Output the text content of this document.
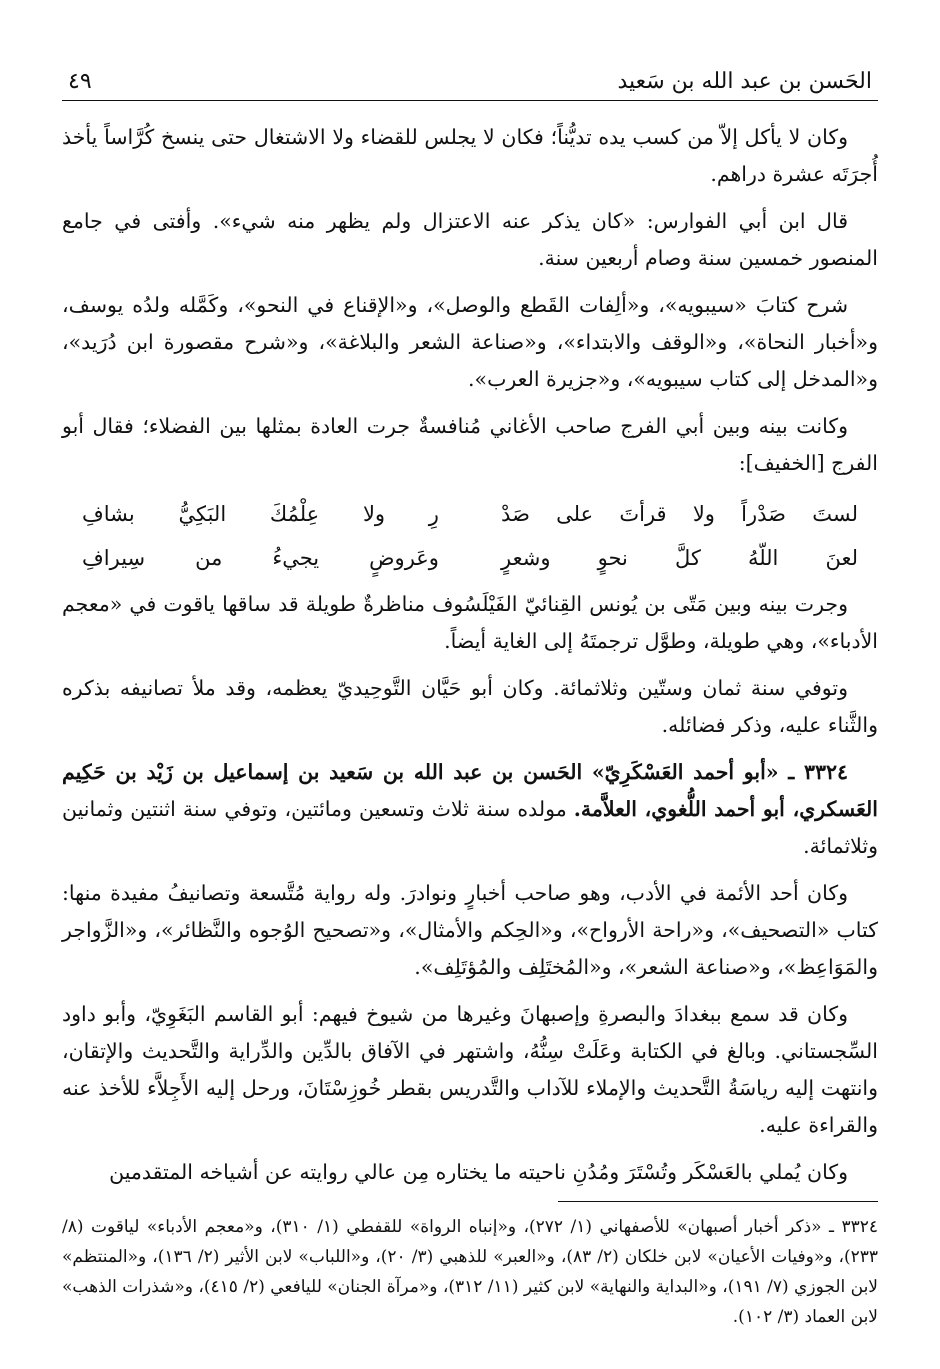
الحَسن بن عبد الله بن سَعيد
٤٩

وكان لا يأكل إلاّ من كسب يده تديُّناً؛ فكان لا يجلس للقضاء ولا الاشتغال حتى ينسخ كُرَّاساً يأخذ أُجرَتَه عشرة دراهم.

قال ابن أبي الفوارس: «كان يذكر عنه الاعتزال ولم يظهر منه شيء». وأفتى في جامع المنصور خمسين سنة وصام أربعين سنة.

شرح كتابَ «سيبويه»، و«ألِفات القَطع والوصل»، و«الإقناع في النحو»، وكَمَّله ولدُه يوسف، و«أخبار النحاة»، و«الوقف والابتداء»، و«صناعة الشعر والبلاغة»، و«شرح مقصورة ابن دُرَيد»، و«المدخل إلى كتاب سيبويه»، و«جزيرة العرب».

وكانت بينه وبين أبي الفرج صاحب الأغاني مُنافسةٌ جرت العادة بمثلها بين الفضلاء؛ فقال أبو الفرج [الخفيف]:

لستَ صَدْراً ولا قرأتَ على صَدْ
رِ ولا عِلْمُكَ البَكِيُّ بشافِ
لعنَ اللّهُ كلَّ نحوٍ وشعرٍ
وعَروضٍ يجيءُ من سِيرافِ

وجرت بينه وبين مَتّى بن يُونس القِنائيّ الفَيْلَسُوف مناظرةٌ طويلة قد ساقها ياقوت في «معجم الأدباء»، وهي طويلة، وطوَّل ترجمتَهُ إلى الغاية أيضاً.

وتوفي سنة ثمان وستّين وثلاثمائة. وكان أبو حَيَّان التَّوحِيديّ يعظمه، وقد ملأ تصانيفه بذكره والثَّناء عليه، وذكر فضائله.

٣٣٢٤ ـ «أبو أحمد العَسْكَرِيّ» الحَسن بن عبد الله بن سَعيد بن إسماعيل بن زَيْد بن حَكِيم العَسكري، أبو أحمد اللُّغوي، العلاَّمة. مولده سنة ثلاث وتسعين ومائتين، وتوفي سنة اثنتين وثمانين وثلاثمائة.

وكان أحد الأئمة في الأدب، وهو صاحب أخبارٍ ونوادرَ. وله رواية مُتَّسعة وتصانيفُ مفيدة منها: كتاب «التصحيف»، و«راحة الأرواح»، و«الحِكم والأمثال»، و«تصحيح الوُجوه والنَّظائر»، و«الزَّواجر والمَوَاعِظ»، و«صناعة الشعر»، و«المُختَلِف والمُؤتَلِف».

وكان قد سمع ببغدادَ والبصرةِ وإصبهانَ وغيرها من شيوخ فيهم: أبو القاسم البَغَوِيّ، وأبو داود السِّجستاني. وبالغ في الكتابة وعَلَتْ سِنُّهُ، واشتهر في الآفاق بالدِّين والدِّراية والتَّحديث والإتقان، وانتهت إليه رياسَةُ التَّحديث والإملاء للآداب والتَّدريس بقطر خُوزِسْتَانَ، ورحل إليه الأَجِلاَّء للأخذ عنه والقراءة عليه.

وكان يُملي بالعَسْكَر وتُسْتَرَ ومُدُنِ ناحيته ما يختاره مِن عالي روايته عن أشياخه المتقدمين

٣٣٢٤ ـ «ذكر أخبار أصبهان» للأصفهاني (١/ ٢٧٢)، و«إنباه الرواة» للقفطي (١/ ٣١٠)، و«معجم الأدباء» لياقوت (٨/ ٢٣٣)، و«وفيات الأعيان» لابن خلكان (٢/ ٨٣)، و«العبر» للذهبي (٣/ ٢٠)، و«اللباب» لابن الأثير (٢/ ١٣٦)، و«المنتظم» لابن الجوزي (٧/ ١٩١)، و«البداية والنهاية» لابن كثير (١١/ ٣١٢)، و«مرآة الجنان» لليافعي (٢/ ٤١٥)، و«شذرات الذهب» لابن العماد (٣/ ١٠٢).
